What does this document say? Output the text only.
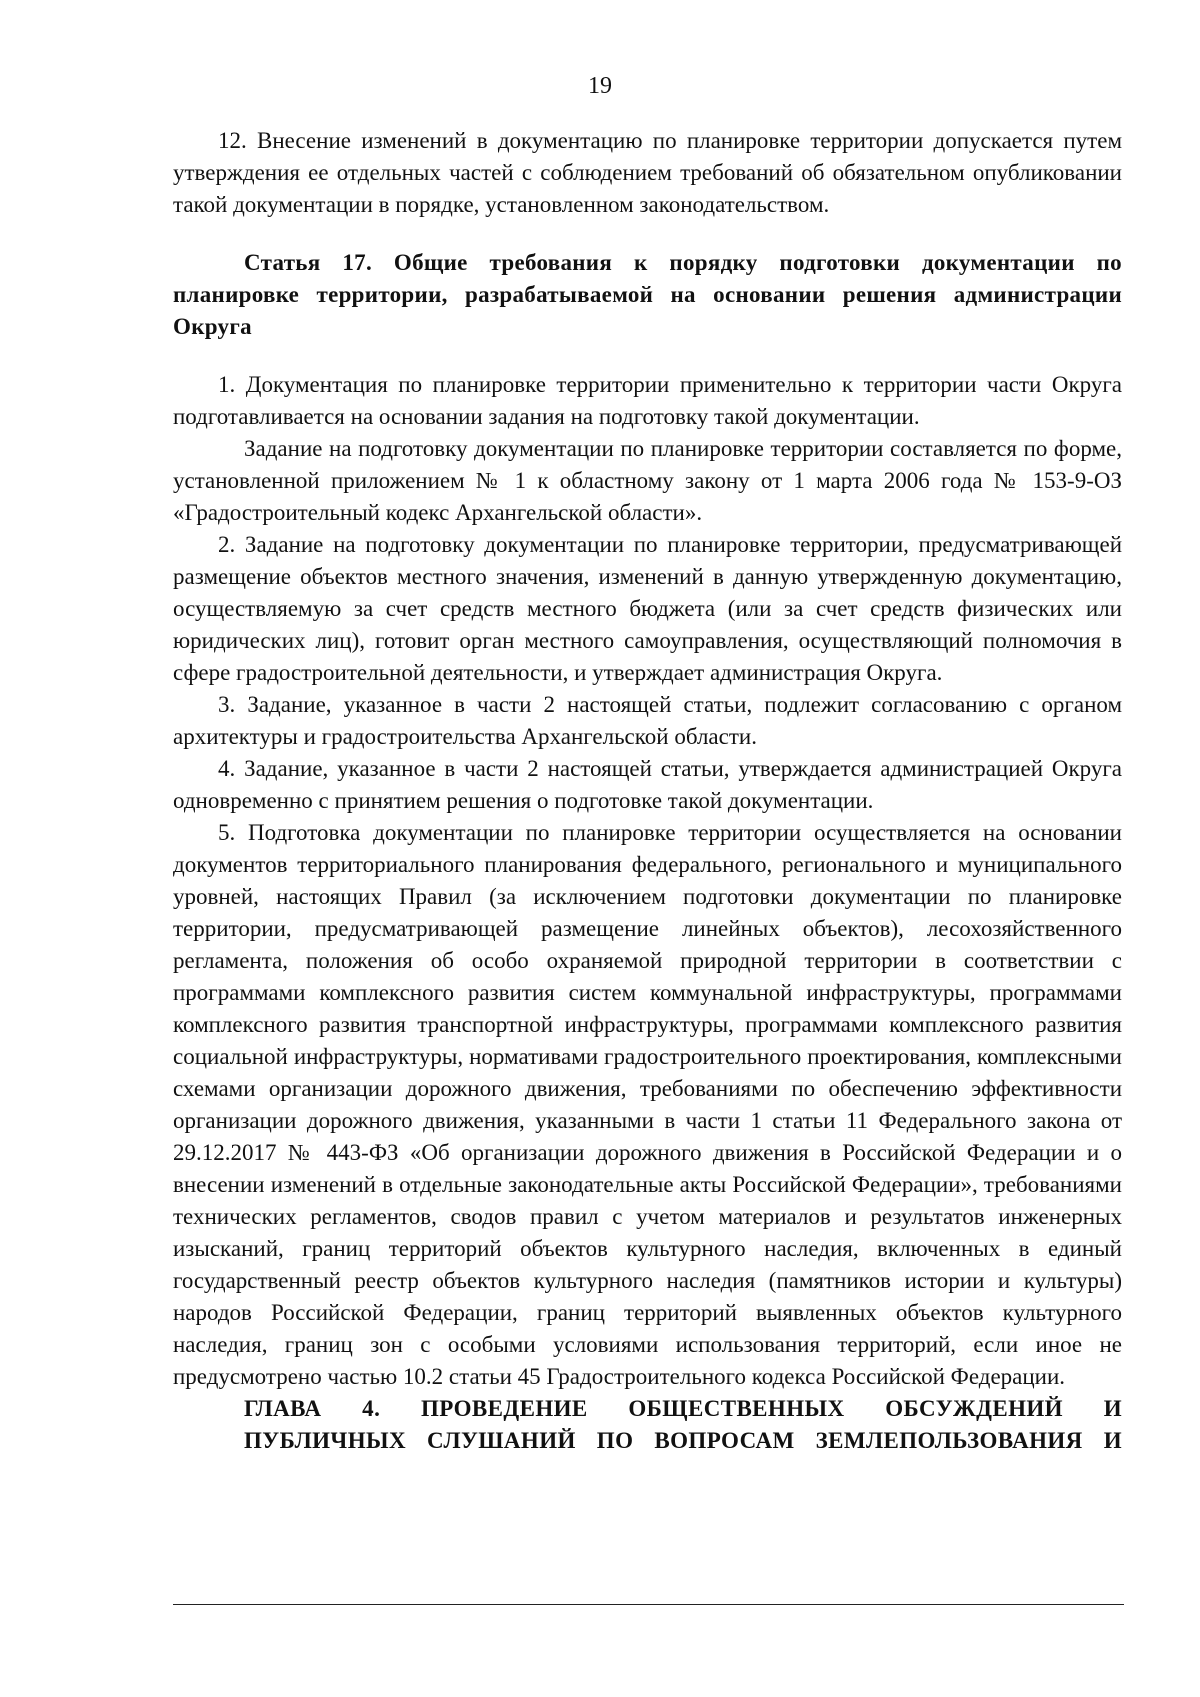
19

12. Внесение изменений в документацию по планировке территории допускается путем утверждения ее отдельных частей с соблюдением требований об обязательном опубликовании такой документации в порядке, установленном законодательством.

Статья 17. Общие требования к порядку подготовки документации по планировке территории, разрабатываемой на основании решения администрации Округа

1. Документация по планировке территории применительно к территории части Округа подготавливается на основании задания на подготовку такой документации.

Задание на подготовку документации по планировке территории составляется по форме, установленной приложением № 1 к областному закону от 1 марта 2006 года № 153-9-ОЗ «Градостроительный кодекс Архангельской области».

2. Задание на подготовку документации по планировке территории, предусматривающей размещение объектов местного значения, изменений в данную утвержденную документацию, осуществляемую за счет средств местного бюджета (или за счет средств физических или юридических лиц), готовит орган местного самоуправления, осуществляющий полномочия в сфере градостроительной деятельности, и утверждает администрация Округа.

3. Задание, указанное в части 2 настоящей статьи, подлежит согласованию с органом архитектуры и градостроительства Архангельской области.

4. Задание, указанное в части 2 настоящей статьи, утверждается администрацией Округа одновременно с принятием решения о подготовке такой документации.

5. Подготовка документации по планировке территории осуществляется на основании документов территориального планирования федерального, регионального и муниципального уровней, настоящих Правил (за исключением подготовки документации по планировке территории, предусматривающей размещение линейных объектов), лесохозяйственного регламента, положения об особо охраняемой природной территории в соответствии с программами комплексного развития систем коммунальной инфраструктуры, программами комплексного развития транспортной инфраструктуры, программами комплексного развития социальной инфраструктуры, нормативами градостроительного проектирования, комплексными схемами организации дорожного движения, требованиями по обеспечению эффективности организации дорожного движения, указанными в части 1 статьи 11 Федерального закона от 29.12.2017 № 443-ФЗ «Об организации дорожного движения в Российской Федерации и о внесении изменений в отдельные законодательные акты Российской Федерации», требованиями технических регламентов, сводов правил с учетом материалов и результатов инженерных изысканий, границ территорий объектов культурного наследия, включенных в единый государственный реестр объектов культурного наследия (памятников истории и культуры) народов Российской Федерации, границ территорий выявленных объектов культурного наследия, границ зон с особыми условиями использования территорий, если иное не предусмотрено частью 10.2 статьи 45 Градостроительного кодекса Российской Федерации.

ГЛАВА 4. ПРОВЕДЕНИЕ ОБЩЕСТВЕННЫХ ОБСУЖДЕНИЙ И
ПУБЛИЧНЫХ СЛУШАНИЙ ПО ВОПРОСАМ ЗЕМЛЕПОЛЬЗОВАНИЯ И
